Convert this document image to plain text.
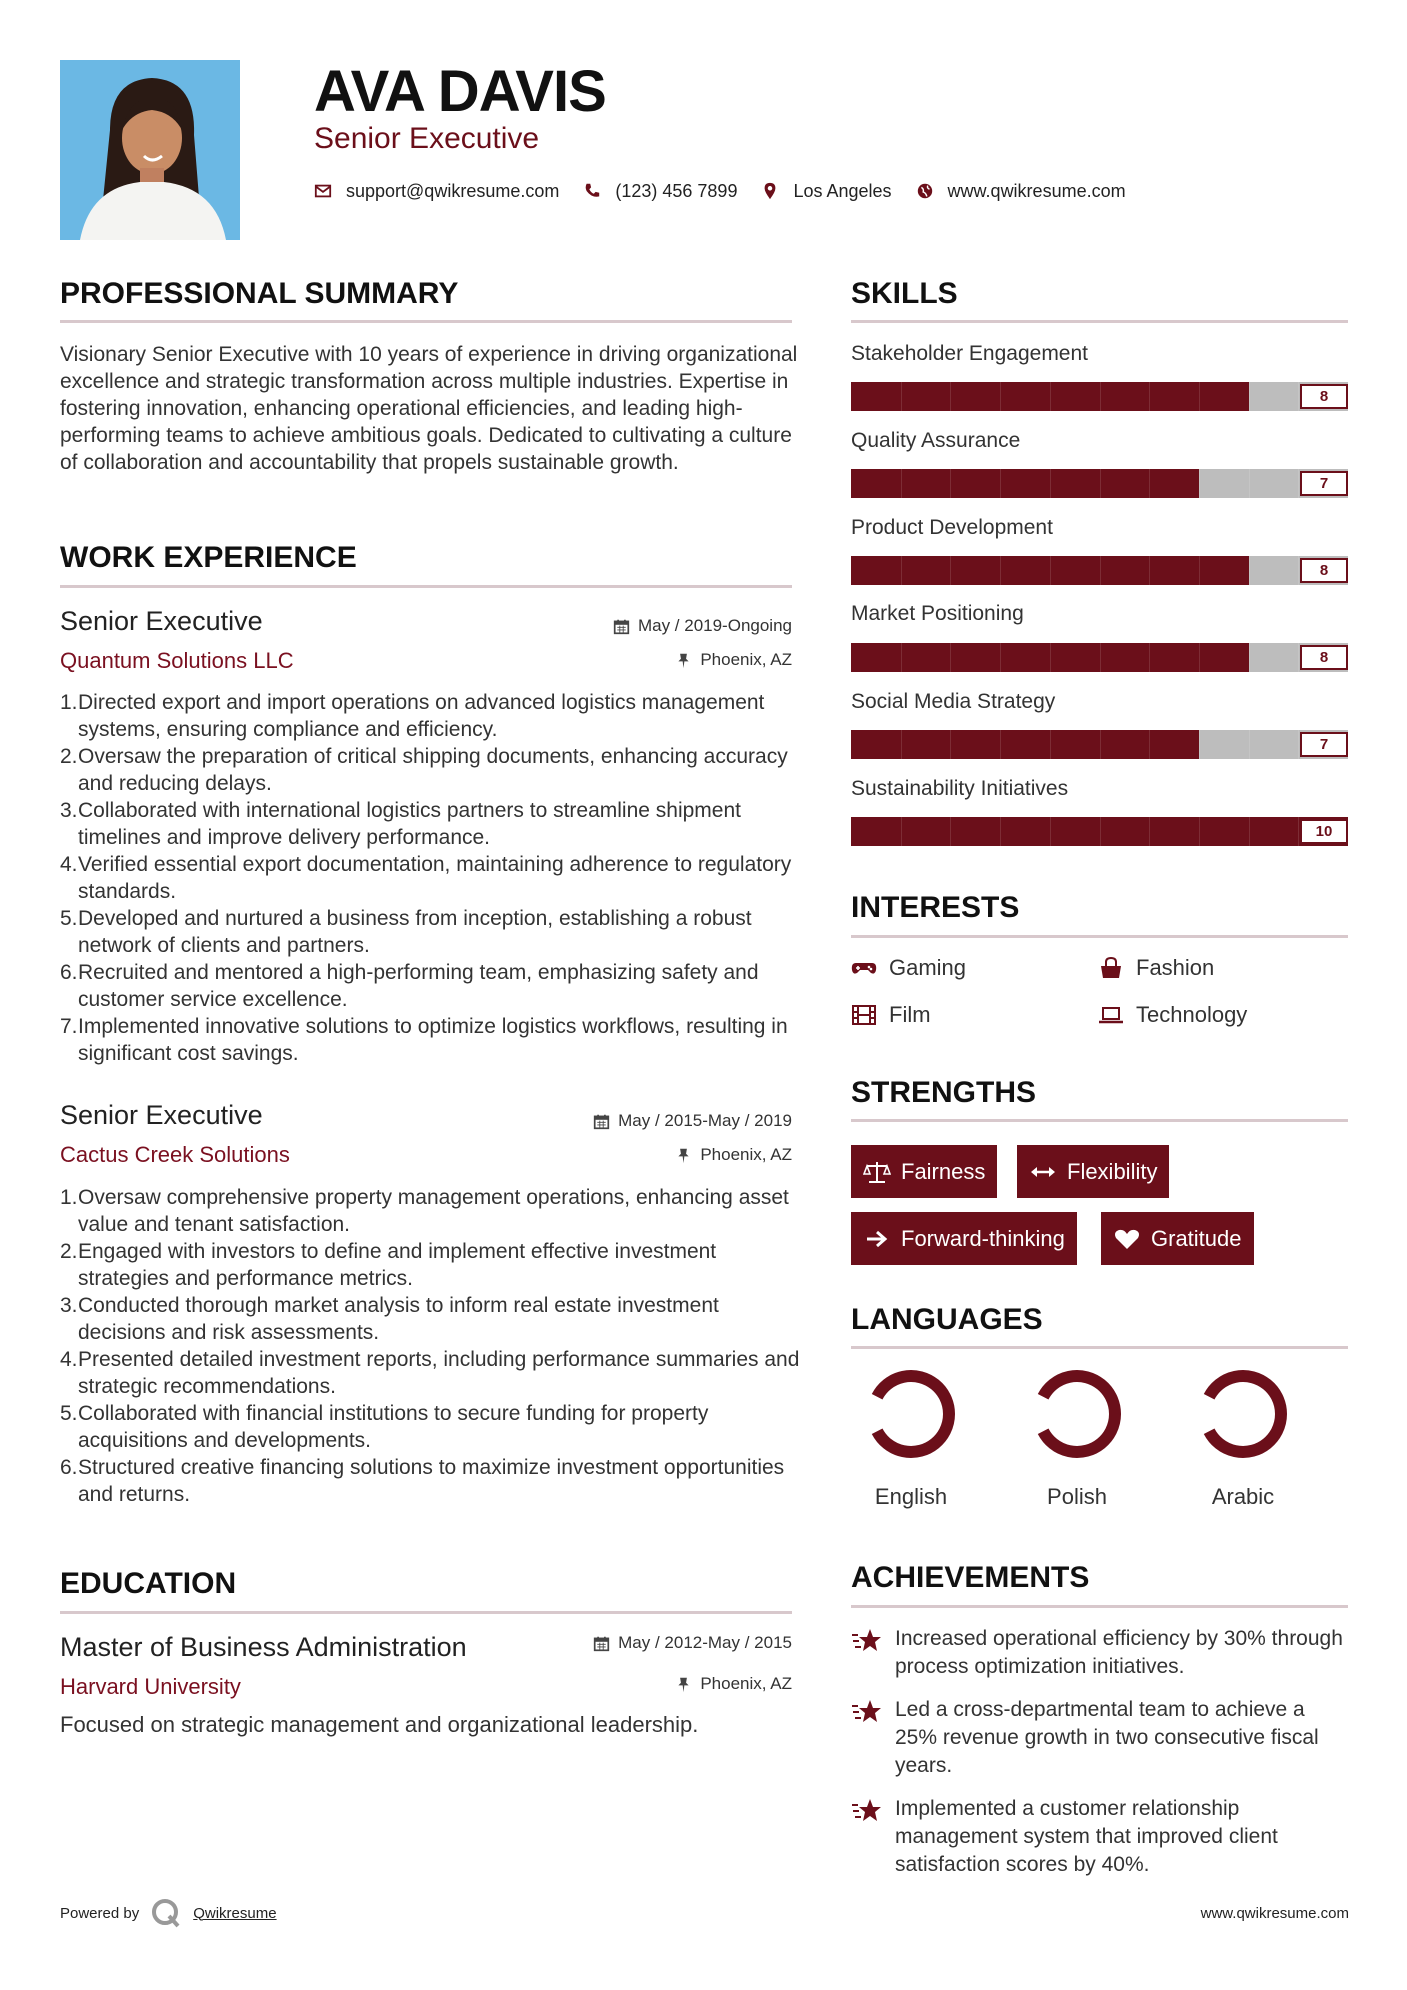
AVA DAVIS
Senior Executive
support@qwikresume.com	(123) 456 7899	Los Angeles	www.qwikresume.com
PROFESSIONAL SUMMARY
Visionary Senior Executive with 10 years of experience in driving organizational excellence and strategic transformation across multiple industries. Expertise in fostering innovation, enhancing operational efficiencies, and leading high-performing teams to achieve ambitious goals. Dedicated to cultivating a culture of collaboration and accountability that propels sustainable growth.
WORK EXPERIENCE
Senior Executive
Quantum Solutions LLC
May / 2019-Ongoing
Phoenix, AZ
1. Directed export and import operations on advanced logistics management systems, ensuring compliance and efficiency.
2. Oversaw the preparation of critical shipping documents, enhancing accuracy and reducing delays.
3. Collaborated with international logistics partners to streamline shipment timelines and improve delivery performance.
4. Verified essential export documentation, maintaining adherence to regulatory standards.
5. Developed and nurtured a business from inception, establishing a robust network of clients and partners.
6. Recruited and mentored a high-performing team, emphasizing safety and customer service excellence.
7. Implemented innovative solutions to optimize logistics workflows, resulting in significant cost savings.
Senior Executive
Cactus Creek Solutions
May / 2015-May / 2019
Phoenix, AZ
1. Oversaw comprehensive property management operations, enhancing asset value and tenant satisfaction.
2. Engaged with investors to define and implement effective investment strategies and performance metrics.
3. Conducted thorough market analysis to inform real estate investment decisions and risk assessments.
4. Presented detailed investment reports, including performance summaries and strategic recommendations.
5. Collaborated with financial institutions to secure funding for property acquisitions and developments.
6. Structured creative financing solutions to maximize investment opportunities and returns.
EDUCATION
Master of Business Administration
Harvard University
May / 2012-May / 2015
Phoenix, AZ
Focused on strategic management and organizational leadership.
SKILLS
Stakeholder Engagement
8
Quality Assurance
7
Product Development
8
Market Positioning
8
Social Media Strategy
7
Sustainability Initiatives
10
INTERESTS
Gaming	Fashion
Film	Technology
STRENGTHS
Fairness	Flexibility
Forward-thinking	Gratitude
LANGUAGES
English	Polish	Arabic
ACHIEVEMENTS
Increased operational efficiency by 30% through process optimization initiatives.
Led a cross-departmental team to achieve a 25% revenue growth in two consecutive fiscal years.
Implemented a customer relationship management system that improved client satisfaction scores by 40%.
Powered by	Qwikresume	www.qwikresume.com
